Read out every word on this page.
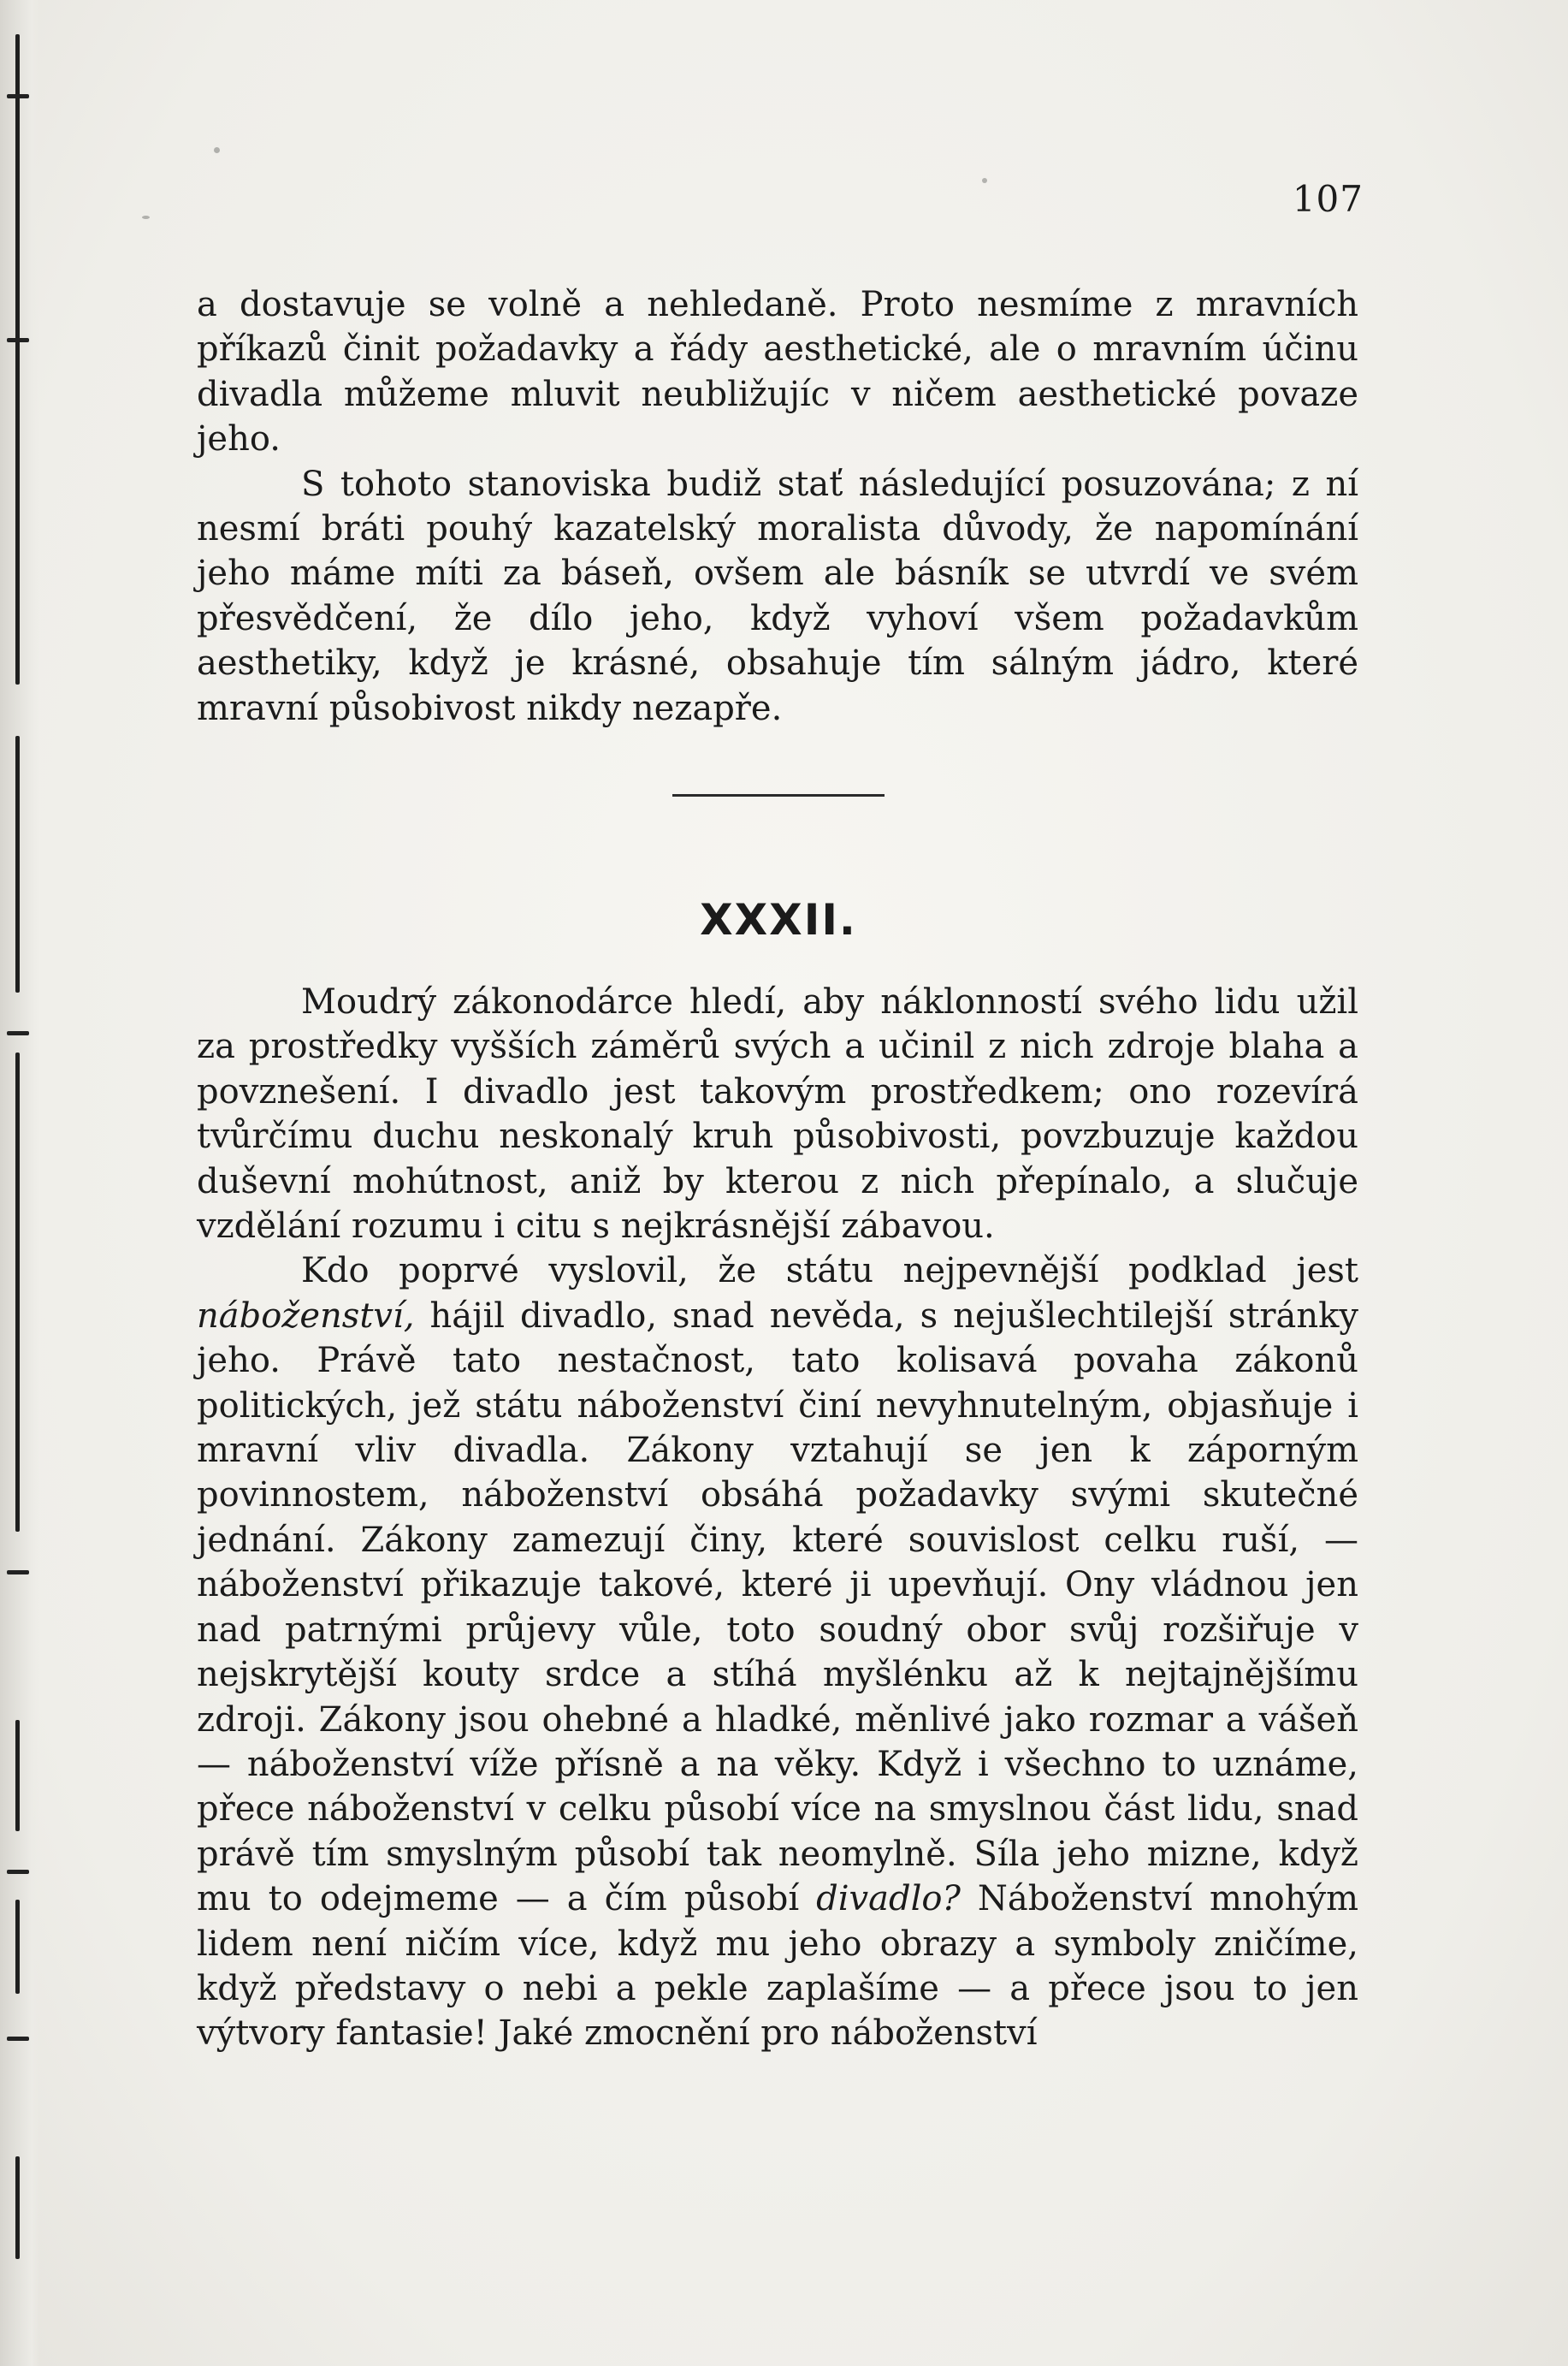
107

a dostavuje se volně a nehledaně. Proto nesmíme z mravních příkazů činit požadavky a řády aesthetické, ale o mravním účinu divadla můžeme mluvit neubližujíc v ničem aesthetické povaze jeho.

S tohoto stanoviska budiž stať následující posuzována; z ní nesmí bráti pouhý kazatelský moralista důvody, že napomínání jeho máme míti za báseň, ovšem ale básník se utvrdí ve svém přesvědčení, že dílo jeho, když vyhoví všem požadavkům aesthetiky, když je krásné, obsahuje tím sálným jádro, které mravní působivost nikdy nezapře.

XXXII.

Moudrý zákonodárce hledí, aby náklonností svého lidu užil za prostředky vyšších záměrů svých a učinil z nich zdroje blaha a povznešení. I divadlo jest takovým prostředkem; ono rozevírá tvůrčímu duchu neskonalý kruh působivosti, povzbuzuje každou duševní mohútnost, aniž by kterou z nich přepínalo, a slučuje vzdělání rozumu i citu s nejkrásnější zábavou.

Kdo poprvé vyslovil, že státu nejpevnější podklad jest náboženství, hájil divadlo, snad nevěda, s nejušlechtilejší stránky jeho. Právě tato nestačnost, tato kolisavá povaha zákonů politických, jež státu náboženství činí nevyhnutelným, objasňuje i mravní vliv divadla. Zákony vztahují se jen k záporným povinnostem, náboženství obsáhá požadavky svými skutečné jednání. Zákony zamezují činy, které souvislost celku ruší, — náboženství přikazuje takové, které ji upevňují. Ony vládnou jen nad patrnými průjevy vůle, toto soudný obor svůj rozšiřuje v nejskrytější kouty srdce a stíhá myšlénku až k nejtajnějšímu zdroji. Zákony jsou ohebné a hladké, měnlivé jako rozmar a vášeň — náboženství víže přísně a na věky. Když i všechno to uznáme, přece náboženství v celku působí více na smyslnou část lidu, snad právě tím smyslným působí tak neomylně. Síla jeho mizne, když mu to odejmeme — a čím působí divadlo? Náboženství mnohým lidem není ničím více, když mu jeho obrazy a symboly zničíme, když představy o nebi a pekle zaplašíme — a přece jsou to jen výtvory fantasie! Jaké zmocnění pro náboženství
